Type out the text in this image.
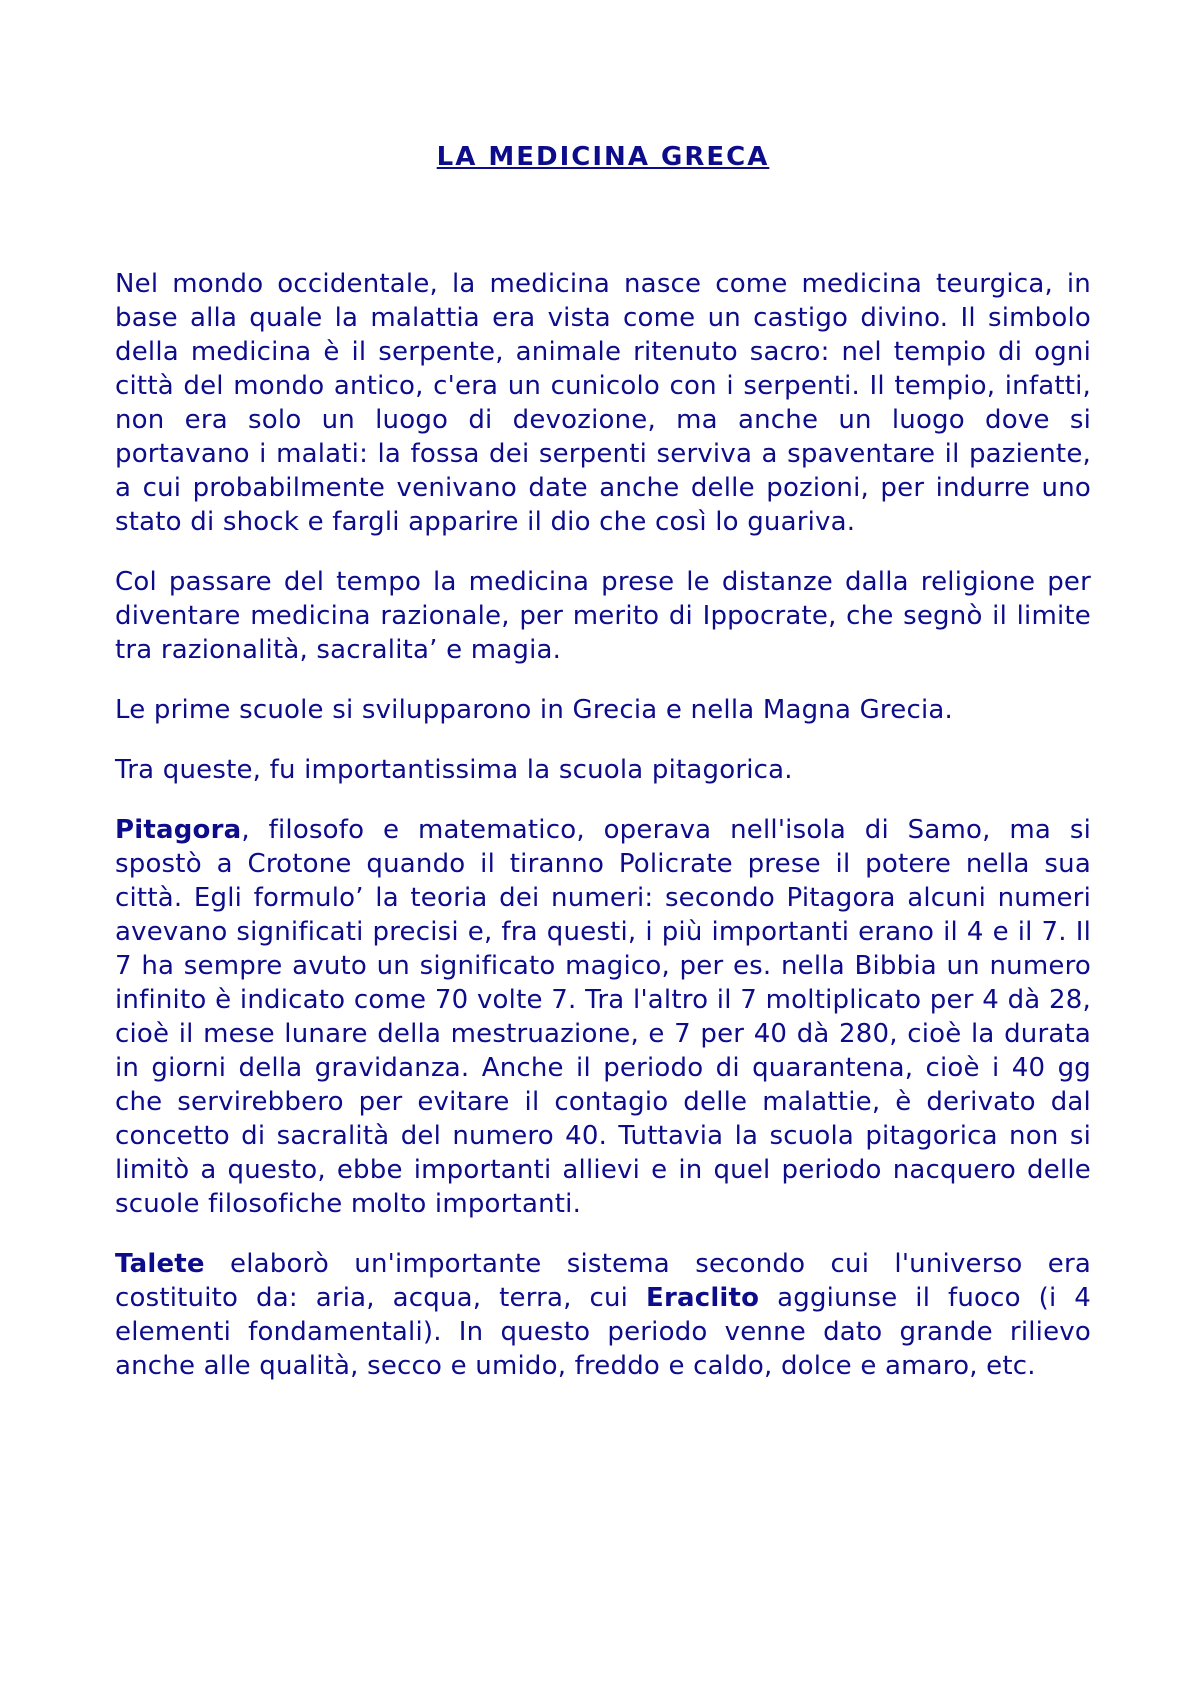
LA MEDICINA GRECA

Nel mondo occidentale, la medicina nasce come medicina teurgica, in base alla quale la malattia era vista come un castigo divino. Il simbolo della medicina è il serpente, animale ritenuto sacro: nel tempio di ogni città del mondo antico, c'era un cunicolo con i serpenti. Il tempio, infatti, non era solo un luogo di devozione, ma anche un luogo dove si portavano i malati: la fossa dei serpenti serviva a spaventare il paziente, a cui probabilmente venivano date anche delle pozioni, per indurre uno stato di shock e fargli apparire il dio che così lo guariva.

Col passare del tempo la medicina prese le distanze dalla religione per diventare medicina razionale, per merito di Ippocrate, che segnò il limite tra razionalità, sacralita’ e magia.

Le prime scuole si svilupparono in Grecia e nella Magna Grecia.

Tra queste, fu importantissima la scuola pitagorica.

Pitagora, filosofo e matematico, operava nell'isola di Samo, ma si spostò a Crotone quando il tiranno Policrate prese il potere nella sua città. Egli formulo’ la teoria dei numeri: secondo Pitagora alcuni numeri avevano significati precisi e, fra questi, i più importanti erano il 4 e il 7. Il 7 ha sempre avuto un significato magico, per es. nella Bibbia un numero infinito è indicato come 70 volte 7. Tra l'altro il 7 moltiplicato per 4 dà 28, cioè il mese lunare della mestruazione, e 7 per 40 dà 280, cioè la durata in giorni della gravidanza. Anche il periodo di quarantena, cioè i 40 gg che servirebbero per evitare il contagio delle malattie, è derivato dal concetto di sacralità del numero 40. Tuttavia la scuola pitagorica non si limitò a questo, ebbe importanti allievi e in quel periodo nacquero delle scuole filosofiche molto importanti.

Talete elaborò un'importante sistema secondo cui l'universo era costituito da: aria, acqua, terra, cui Eraclito aggiunse il fuoco (i 4 elementi fondamentali). In questo periodo venne dato grande rilievo anche alle qualità, secco e umido, freddo e caldo, dolce e amaro, etc.
